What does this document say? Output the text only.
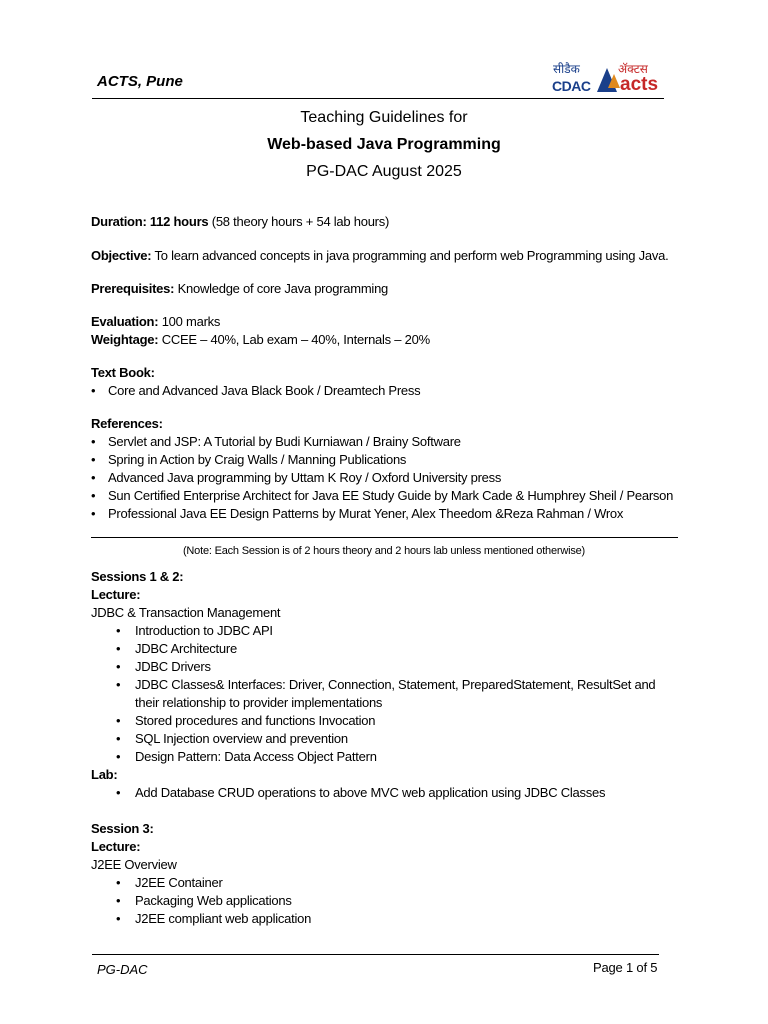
ACTS, Pune
सीडैक	ॲक्टस
CDAC acts
Teaching Guidelines for
Web-based Java Programming
PG-DAC August 2025
Duration: 112 hours (58 theory hours + 54 lab hours)
Objective: To learn advanced concepts in java programming and perform web Programming using Java.
Prerequisites: Knowledge of core Java programming
Evaluation: 100 marks
Weightage: CCEE – 40%, Lab exam – 40%, Internals – 20%
Text Book:
• Core and Advanced Java Black Book / Dreamtech Press
References:
• Servlet and JSP: A Tutorial by Budi Kurniawan / Brainy Software
• Spring in Action by Craig Walls / Manning Publications
• Advanced Java programming by Uttam K Roy / Oxford University press
• Sun Certified Enterprise Architect for Java EE Study Guide by Mark Cade & Humphrey Sheil / Pearson
• Professional Java EE Design Patterns by Murat Yener, Alex Theedom &Reza Rahman / Wrox
(Note: Each Session is of 2 hours theory and 2 hours lab unless mentioned otherwise)
Sessions 1 & 2:
Lecture:
JDBC & Transaction Management
• Introduction to JDBC API
• JDBC Architecture
• JDBC Drivers
• JDBC Classes& Interfaces: Driver, Connection, Statement, PreparedStatement, ResultSet and
their relationship to provider implementations
• Stored procedures and functions Invocation
• SQL Injection overview and prevention
• Design Pattern: Data Access Object Pattern
Lab:
• Add Database CRUD operations to above MVC web application using JDBC Classes
Session 3:
Lecture:
J2EE Overview
• J2EE Container
• Packaging Web applications
• J2EE compliant web application
PG-DAC	Page 1 of 5
